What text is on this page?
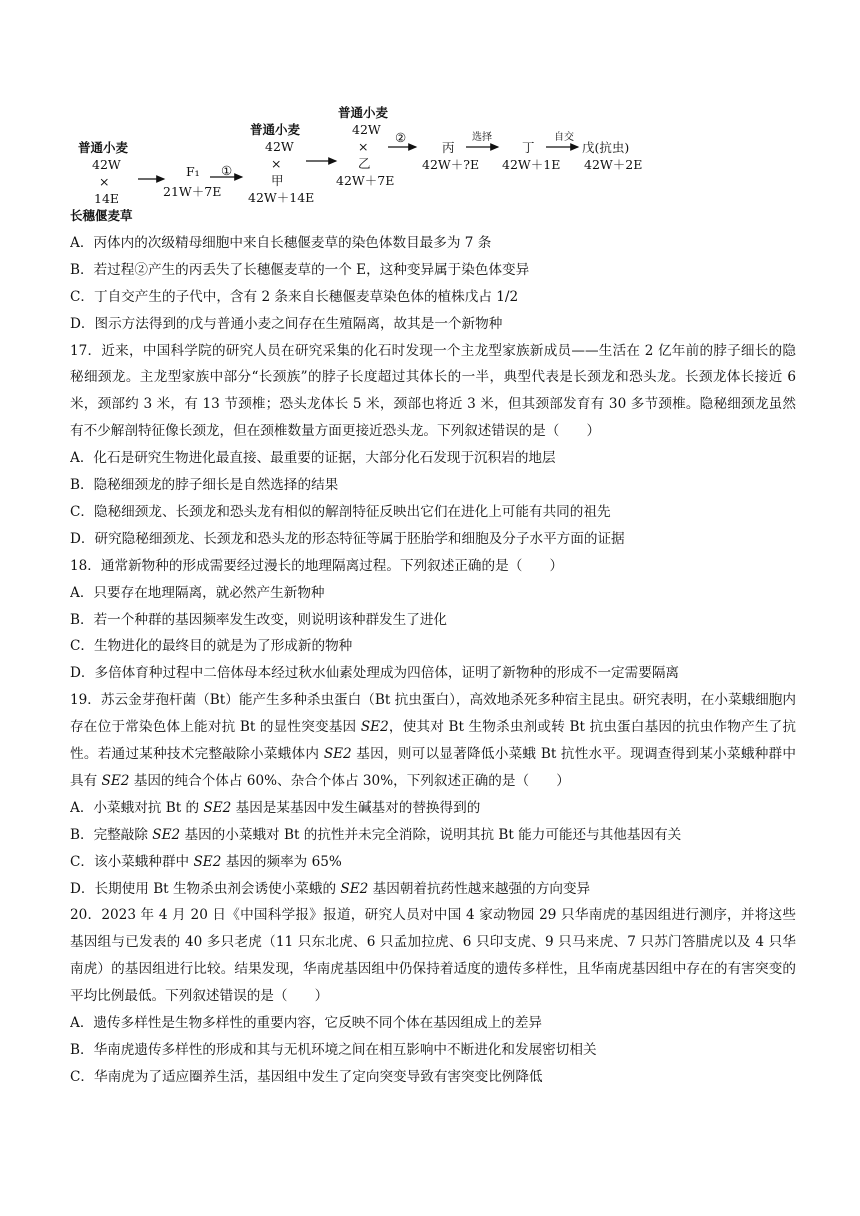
普通小麦
42W
×
14E
长穗偃麦草
F₁ ①
21W＋7E
普通小麦
42W
×
甲
42W＋14E
普通小麦
42W
×
乙
42W＋7E
②
丙
42W＋?E
选择
丁
42W＋1E
自交
戊(抗虫)
42W＋2E
A．丙体内的次级精母细胞中来自长穗偃麦草的染色体数目最多为 7 条
B．若过程②产生的丙丢失了长穗偃麦草的一个 E，这种变异属于染色体变异
C．丁自交产生的子代中，含有 2 条来自长穗偃麦草染色体的植株戊占 1/2
D．图示方法得到的戊与普通小麦之间存在生殖隔离，故其是一个新物种
17．近来，中国科学院的研究人员在研究采集的化石时发现一个主龙型家族新成员——生活在 2 亿年前的脖子细长的隐秘细颈龙。主龙型家族中部分“长颈族”的脖子长度超过其体长的一半，典型代表是长颈龙和恐头龙。长颈龙体长接近 6 米，颈部约 3 米，有 13 节颈椎；恐头龙体长 5 米，颈部也将近 3 米，但其颈部发育有 30 多节颈椎。隐秘细颈龙虽然有不少解剖特征像长颈龙，但在颈椎数量方面更接近恐头龙。下列叙述错误的是（　　）
A．化石是研究生物进化最直接、最重要的证据，大部分化石发现于沉积岩的地层
B．隐秘细颈龙的脖子细长是自然选择的结果
C．隐秘细颈龙、长颈龙和恐头龙有相似的解剖特征反映出它们在进化上可能有共同的祖先
D．研究隐秘细颈龙、长颈龙和恐头龙的形态特征等属于胚胎学和细胞及分子水平方面的证据
18．通常新物种的形成需要经过漫长的地理隔离过程。下列叙述正确的是（　　）
A．只要存在地理隔离，就必然产生新物种
B．若一个种群的基因频率发生改变，则说明该种群发生了进化
C．生物进化的最终目的就是为了形成新的物种
D．多倍体育种过程中二倍体母本经过秋水仙素处理成为四倍体，证明了新物种的形成不一定需要隔离
19．苏云金芽孢杆菌（Bt）能产生多种杀虫蛋白（Bt 抗虫蛋白），高效地杀死多种宿主昆虫。研究表明，在小菜蛾细胞内存在位于常染色体上能对抗 Bt 的显性突变基因 SE2，使其对 Bt 生物杀虫剂或转 Bt 抗虫蛋白基因的抗虫作物产生了抗性。若通过某种技术完整敲除小菜蛾体内 SE2 基因，则可以显著降低小菜蛾 Bt 抗性水平。现调查得到某小菜蛾种群中具有 SE2 基因的纯合个体占 60%、杂合个体占 30%，下列叙述正确的是（　　）
A．小菜蛾对抗 Bt 的 SE2 基因是某基因中发生碱基对的替换得到的
B．完整敲除 SE2 基因的小菜蛾对 Bt 的抗性并未完全消除，说明其抗 Bt 能力可能还与其他基因有关
C．该小菜蛾种群中 SE2 基因的频率为 65%
D．长期使用 Bt 生物杀虫剂会诱使小菜蛾的 SE2 基因朝着抗药性越来越强的方向变异
20．2023 年 4 月 20 日《中国科学报》报道，研究人员对中国 4 家动物园 29 只华南虎的基因组进行测序，并将这些基因组与已发表的 40 多只老虎（11 只东北虎、6 只孟加拉虎、6 只印支虎、9 只马来虎、7 只苏门答腊虎以及 4 只华南虎）的基因组进行比较。结果发现，华南虎基因组中仍保持着适度的遗传多样性，且华南虎基因组中存在的有害突变的平均比例最低。下列叙述错误的是（　　）
A．遗传多样性是生物多样性的重要内容，它反映不同个体在基因组成上的差异
B．华南虎遗传多样性的形成和其与无机环境之间在相互影响中不断进化和发展密切相关
C．华南虎为了适应圈养生活，基因组中发生了定向突变导致有害突变比例降低
